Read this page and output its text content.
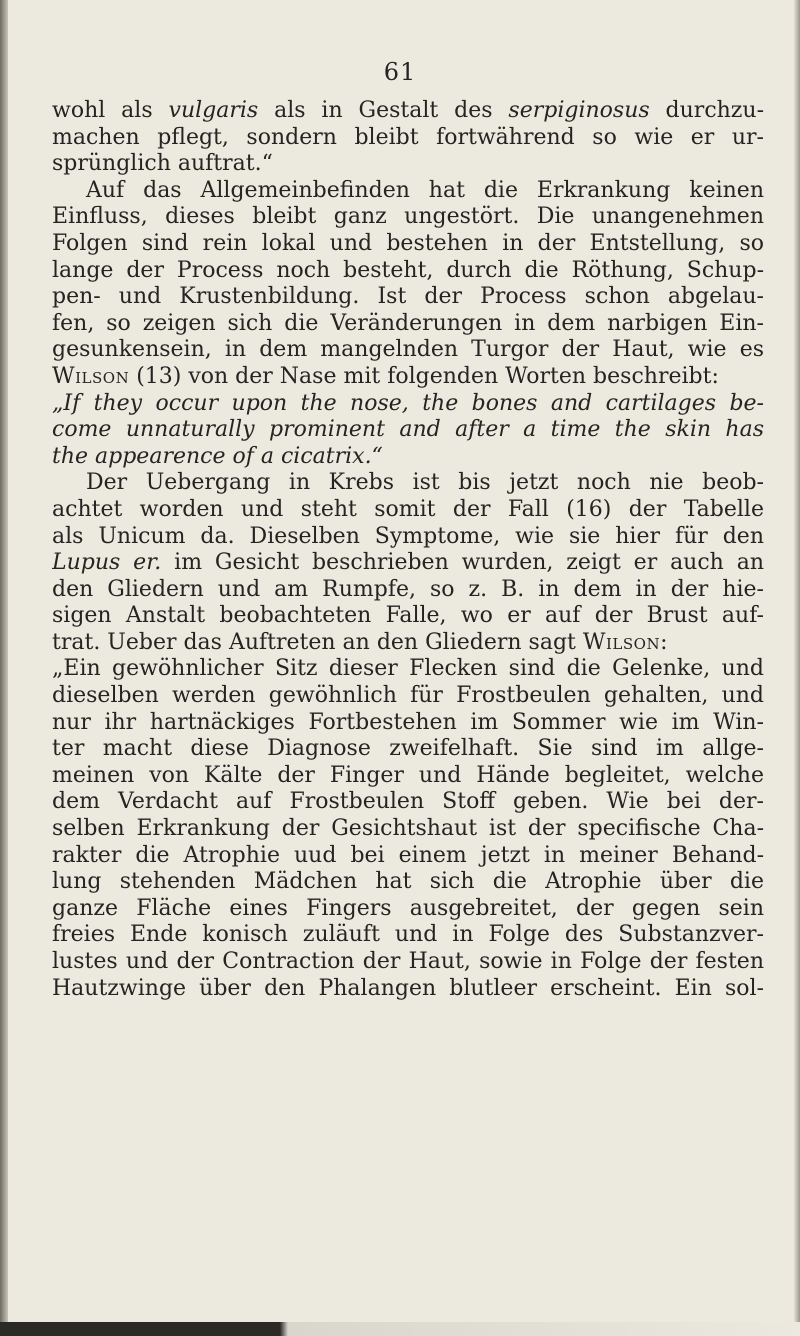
61
wohl als vulgaris als in Gestalt des serpiginosus durchzu-
machen pflegt, sondern bleibt fortwährend so wie er ur-
sprünglich auftrat.“
Auf das Allgemeinbefinden hat die Erkrankung keinen
Einfluss, dieses bleibt ganz ungestört. Die unangenehmen
Folgen sind rein lokal und bestehen in der Entstellung, so
lange der Process noch besteht, durch die Röthung, Schup-
pen- und Krustenbildung. Ist der Process schon abgelau-
fen, so zeigen sich die Veränderungen in dem narbigen Ein-
gesunkensein, in dem mangelnden Turgor der Haut, wie es
Wilson (13) von der Nase mit folgenden Worten beschreibt:
„If they occur upon the nose, the bones and cartilages be-
come unnaturally prominent and after a time the skin has
the appearence of a cicatrix.“
Der Uebergang in Krebs ist bis jetzt noch nie beob-
achtet worden und steht somit der Fall (16) der Tabelle
als Unicum da. Dieselben Symptome, wie sie hier für den
Lupus er. im Gesicht beschrieben wurden, zeigt er auch an
den Gliedern und am Rumpfe, so z. B. in dem in der hie-
sigen Anstalt beobachteten Falle, wo er auf der Brust auf-
trat. Ueber das Auftreten an den Gliedern sagt Wilson:
„Ein gewöhnlicher Sitz dieser Flecken sind die Gelenke, und
dieselben werden gewöhnlich für Frostbeulen gehalten, und
nur ihr hartnäckiges Fortbestehen im Sommer wie im Win-
ter macht diese Diagnose zweifelhaft. Sie sind im allge-
meinen von Kälte der Finger und Hände begleitet, welche
dem Verdacht auf Frostbeulen Stoff geben. Wie bei der-
selben Erkrankung der Gesichtshaut ist der specifische Cha-
rakter die Atrophie uud bei einem jetzt in meiner Behand-
lung stehenden Mädchen hat sich die Atrophie über die
ganze Fläche eines Fingers ausgebreitet, der gegen sein
freies Ende konisch zuläuft und in Folge des Substanzver-
lustes und der Contraction der Haut, sowie in Folge der festen
Hautzwinge über den Phalangen blutleer erscheint. Ein sol-
